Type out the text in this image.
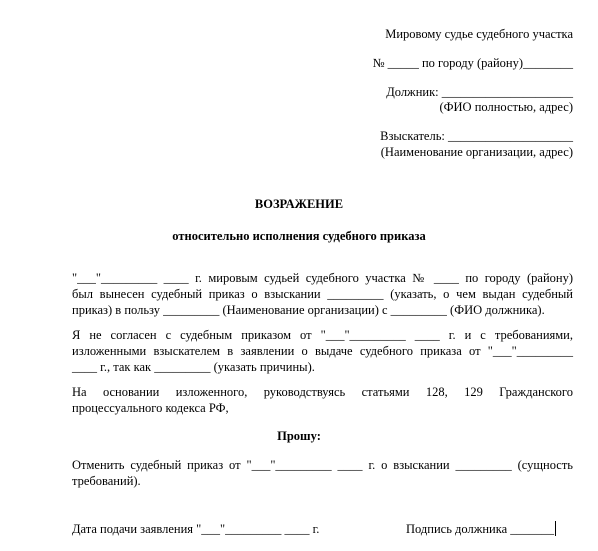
Мировому судье судебного участка
№ _____ по городу (району)________
Должник: _____________________
(ФИО полностью, адрес)
Взыскатель: ____________________
(Наименование организации, адрес)
ВОЗРАЖЕНИЕ
относительно исполнения судебного приказа
"___"_________ ____ г. мировым судьей судебного участка № ____ по городу (району)
был вынесен судебный приказ о взыскании _________ (указать, о чем выдан судебный
приказ) в пользу _________ (Наименование организации) с _________ (ФИО должника).
Я не согласен с судебным приказом от "___"_________ ____ г. и с требованиями,
изложенными взыскателем в заявлении о выдаче судебного приказа от "___"_________
____ г., так как _________ (указать причины).
На основании изложенного, руководствуясь статьями 128, 129 Гражданского
процессуального кодекса РФ,
Прошу:
Отменить судебный приказ от "___"_________ ____ г. о взыскании _________ (сущность
требований).
Дата подачи заявления "___"_________ ____ г.	Подпись должника _______
